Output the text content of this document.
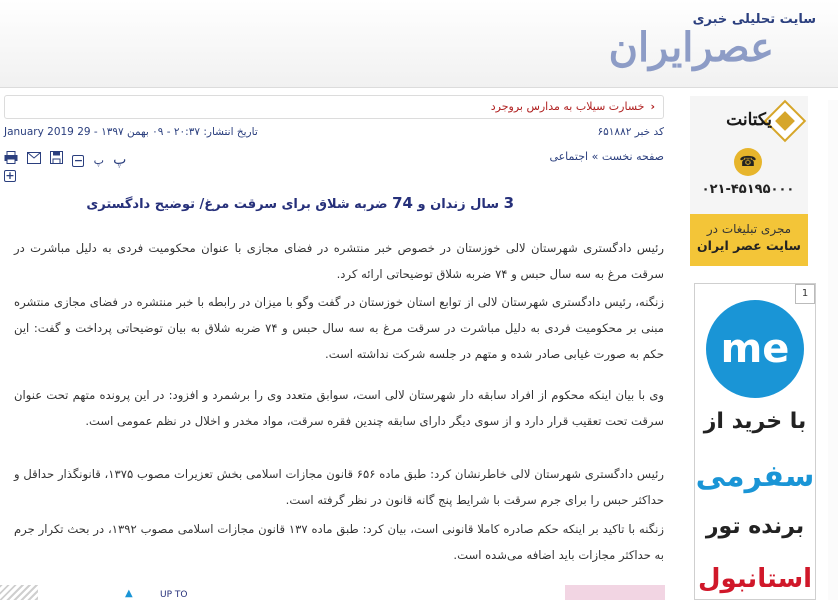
سایت تحلیلی خبری
عصرایران
‹خسارت سیلاب به مدارس بروجرد
کد خبر ۶۵۱۸۸۲
تاریخ انتشار: ۲۰:۳۷ - ۰۹ بهمن ۱۳۹۷ - 29 January 2019
صفحه نخست » اجتماعی
− پ پ +
3 سال زندان و 74 ضربه شلاق برای سرقت مرغ/ توضیح دادگستری

رئیس دادگستری شهرستان لالی خوزستان در خصوص خبر منتشره در فضای مجازی با عنوان محکومیت فردی به دلیل مباشرت در سرقت مرغ به سه سال حبس و ۷۴ ضربه شلاق توضیحاتی ارائه کرد.

زنگنه، رئیس دادگستری شهرستان لالی از توابع استان خوزستان در گفت وگو با میزان در رابطه با خبر منتشره در فضای مجازی منتشره مبنی بر محکومیت فردی به دلیل مباشرت در سرقت مرغ به سه سال حبس و ۷۴ ضربه شلاق به بیان توضیحاتی پرداخت و گفت: این حکم به صورت غیابی صادر شده و متهم در جلسه شرکت نداشته است.

وی با بیان اینکه محکوم از افراد سابقه دار شهرستان لالی است، سوابق متعدد وی را برشمرد و افزود: در این پرونده متهم تحت عنوان سرقت تحت تعقیب قرار دارد و از سوی دیگر دارای سابقه چندین فقره سرقت، مواد مخدر و اخلال در نظم عمومی است.

رئیس دادگستری شهرستان لالی خاطرنشان کرد: طبق ماده ۶۵۶ قانون مجازات اسلامی بخش تعزیرات مصوب ۱۳۷۵، قانونگذار حداقل و حداکثر حبس را برای جرم سرقت با شرایط پنج گانه قانون در نظر گرفته است.

زنگنه با تاکید بر اینکه حکم صادره کاملا قانونی است، بیان کرد: طبق ماده ۱۳۷ قانون مجازات اسلامی مصوب ۱۳۹۲، در بحث تکرار جرم به حداکثر مجازات باید اضافه می‌شده است.

یکتانت
☎
۰۲۱-۴۵۱۹۵۰۰۰
مجری تبلیغات در
سایت عصر ایران
1
me
با خرید از
سفرمی
برنده تور
استانبول
▲	UP TO
